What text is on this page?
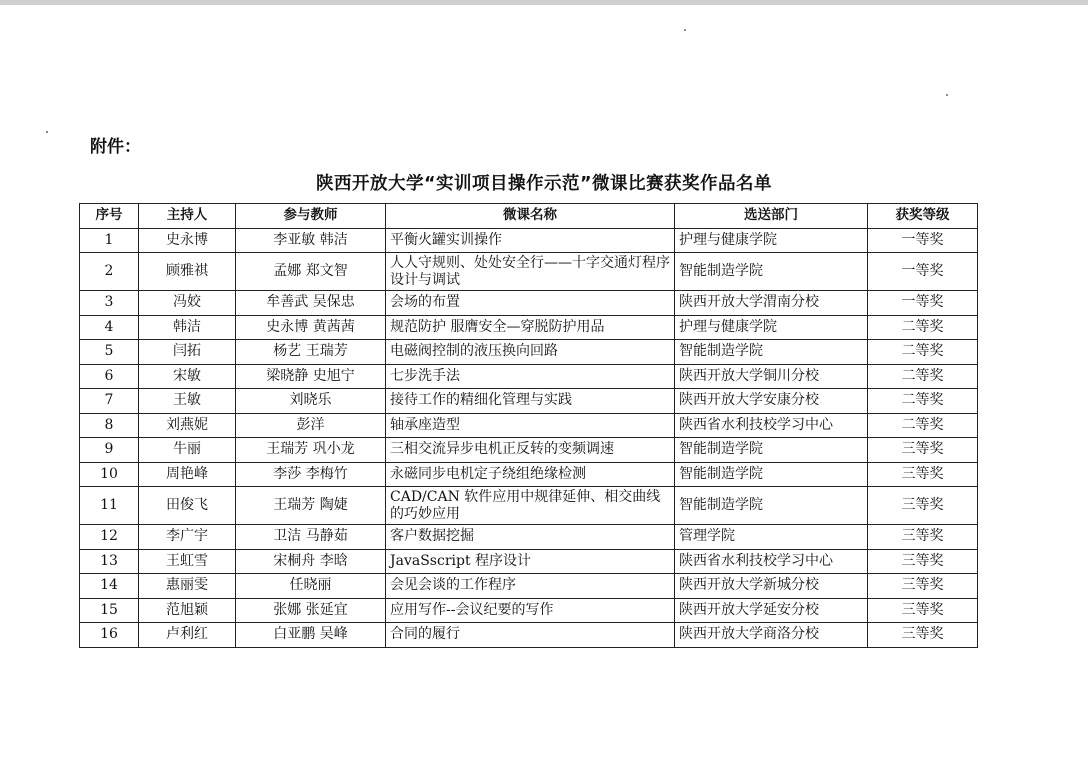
附件：
陕西开放大学“实训项目操作示范”微课比赛获奖作品名单
序号	主持人	参与教师	微课名称	选送部门	获奖等级
1	史永博	李亚敏 韩洁	平衡火罐实训操作	护理与健康学院	一等奖
2	顾雅祺	孟娜 郑文智	人人守规则、处处安全行——十字交通灯程序设计与调试	智能制造学院	一等奖
3	冯姣	牟善武 吴保忠	会场的布置	陕西开放大学渭南分校	一等奖
4	韩洁	史永博 黄茜茜	规范防护 服膺安全—穿脱防护用品	护理与健康学院	二等奖
5	闫拓	杨艺 王瑞芳	电磁阀控制的液压换向回路	智能制造学院	二等奖
6	宋敏	梁晓静 史旭宁	七步洗手法	陕西开放大学铜川分校	二等奖
7	王敏	刘晓乐	接待工作的精细化管理与实践	陕西开放大学安康分校	二等奖
8	刘燕妮	彭洋	轴承座造型	陕西省水利技校学习中心	二等奖
9	牛丽	王瑞芳 巩小龙	三相交流异步电机正反转的变频调速	智能制造学院	三等奖
10	周艳峰	李莎 李梅竹	永磁同步电机定子绕组绝缘检测	智能制造学院	三等奖
11	田俊飞	王瑞芳 陶婕	CAD/CAN 软件应用中规律延伸、相交曲线的巧妙应用	智能制造学院	三等奖
12	李广宇	卫洁 马静茹	客户数据挖掘	管理学院	三等奖
13	王虹雪	宋桐舟 李晗	JavaSscript 程序设计	陕西省水利技校学习中心	三等奖
14	惠丽雯	任晓丽	会见会谈的工作程序	陕西开放大学新城分校	三等奖
15	范旭颖	张娜 张延宜	应用写作--会议纪要的写作	陕西开放大学延安分校	三等奖
16	卢利红	白亚鹏 吴峰	合同的履行	陕西开放大学商洛分校	三等奖
